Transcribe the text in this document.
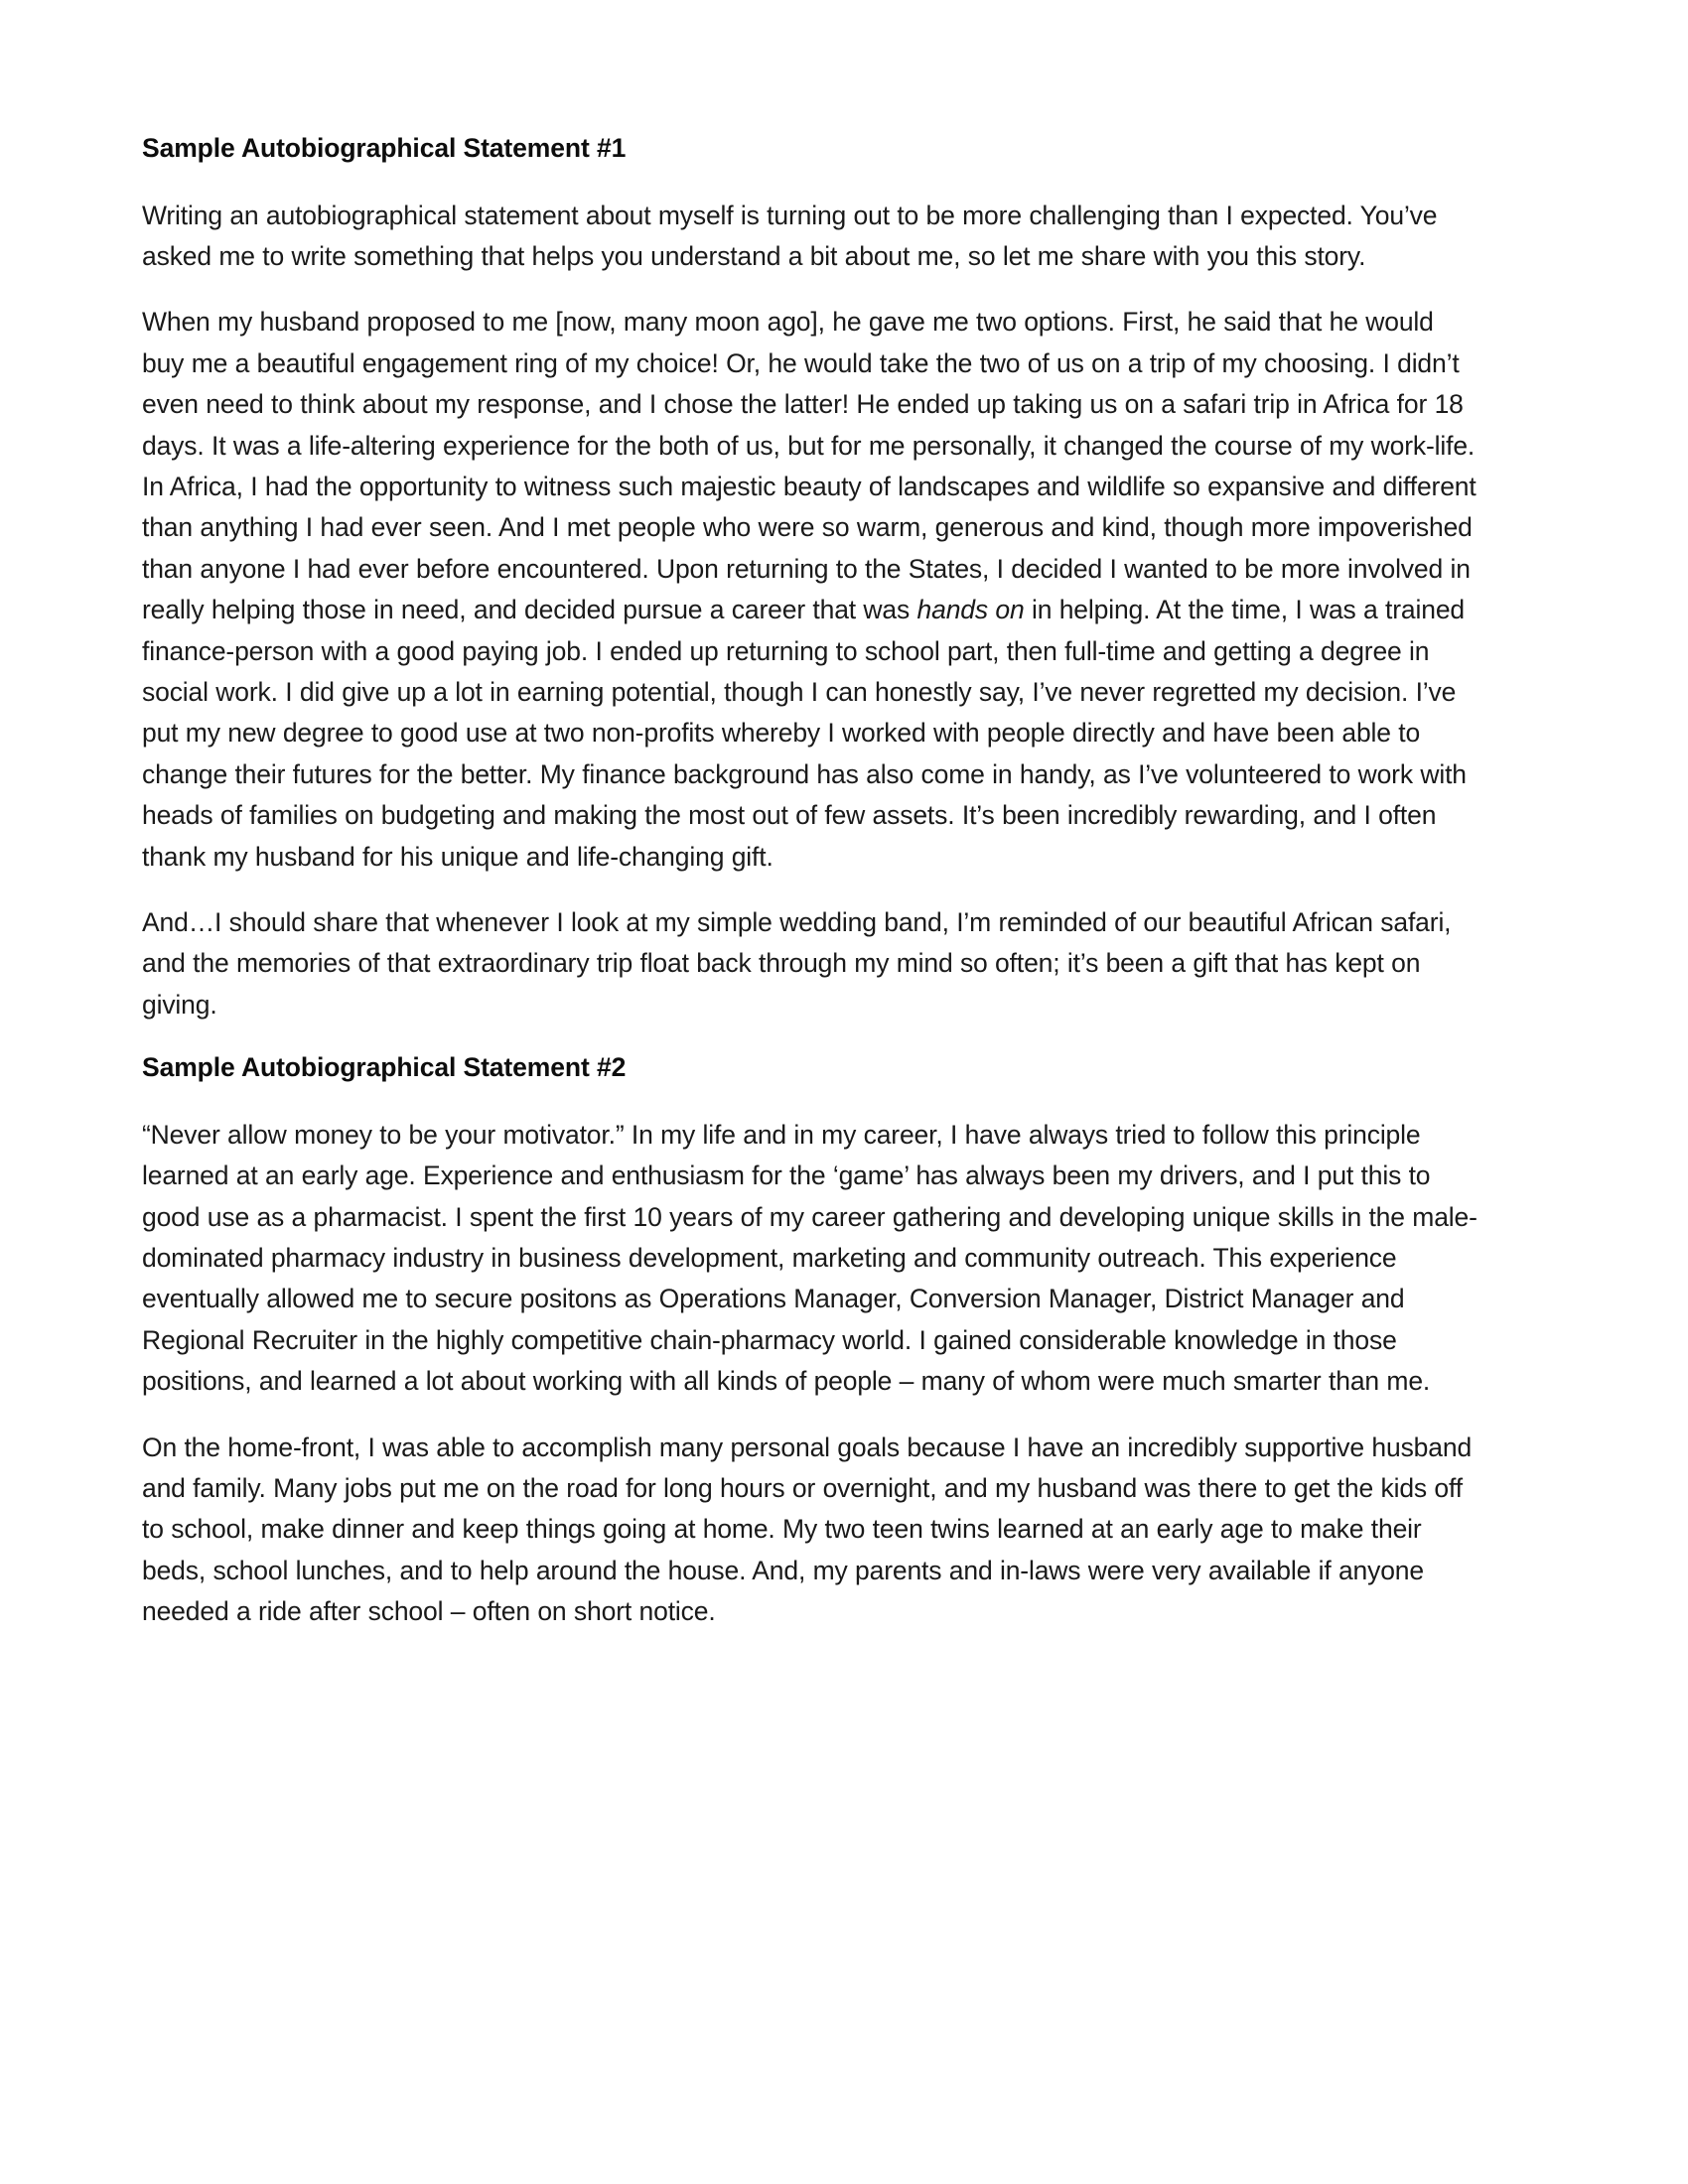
Sample Autobiographical Statement #1

Writing an autobiographical statement about myself is turning out to be more challenging than I expected. You’ve asked me to write something that helps you understand a bit about me, so let me share with you this story.

When my husband proposed to me [now, many moon ago], he gave me two options. First, he said that he would buy me a beautiful engagement ring of my choice! Or, he would take the two of us on a trip of my choosing. I didn’t even need to think about my response, and I chose the latter! He ended up taking us on a safari trip in Africa for 18 days. It was a life-altering experience for the both of us, but for me personally, it changed the course of my work-life. In Africa, I had the opportunity to witness such majestic beauty of landscapes and wildlife so expansive and different than anything I had ever seen. And I met people who were so warm, generous and kind, though more impoverished than anyone I had ever before encountered. Upon returning to the States, I decided I wanted to be more involved in really helping those in need, and decided pursue a career that was hands on in helping. At the time, I was a trained finance-person with a good paying job. I ended up returning to school part, then full-time and getting a degree in social work. I did give up a lot in earning potential, though I can honestly say, I’ve never regretted my decision. I’ve put my new degree to good use at two non-profits whereby I worked with people directly and have been able to change their futures for the better. My finance background has also come in handy, as I’ve volunteered to work with heads of families on budgeting and making the most out of few assets. It’s been incredibly rewarding, and I often thank my husband for his unique and life-changing gift.

And…I should share that whenever I look at my simple wedding band, I’m reminded of our beautiful African safari, and the memories of that extraordinary trip float back through my mind so often; it’s been a gift that has kept on giving.

Sample Autobiographical Statement #2

“Never allow money to be your motivator.” In my life and in my career, I have always tried to follow this principle learned at an early age. Experience and enthusiasm for the ‘game’ has always been my drivers, and I put this to good use as a pharmacist. I spent the first 10 years of my career gathering and developing unique skills in the male-dominated pharmacy industry in business development, marketing and community outreach. This experience eventually allowed me to secure positons as Operations Manager, Conversion Manager, District Manager and Regional Recruiter in the highly competitive chain-pharmacy world. I gained considerable knowledge in those positions, and learned a lot about working with all kinds of people – many of whom were much smarter than me.

On the home-front, I was able to accomplish many personal goals because I have an incredibly supportive husband and family. Many jobs put me on the road for long hours or overnight, and my husband was there to get the kids off to school, make dinner and keep things going at home. My two teen twins learned at an early age to make their beds, school lunches, and to help around the house. And, my parents and in-laws were very available if anyone needed a ride after school – often on short notice.
